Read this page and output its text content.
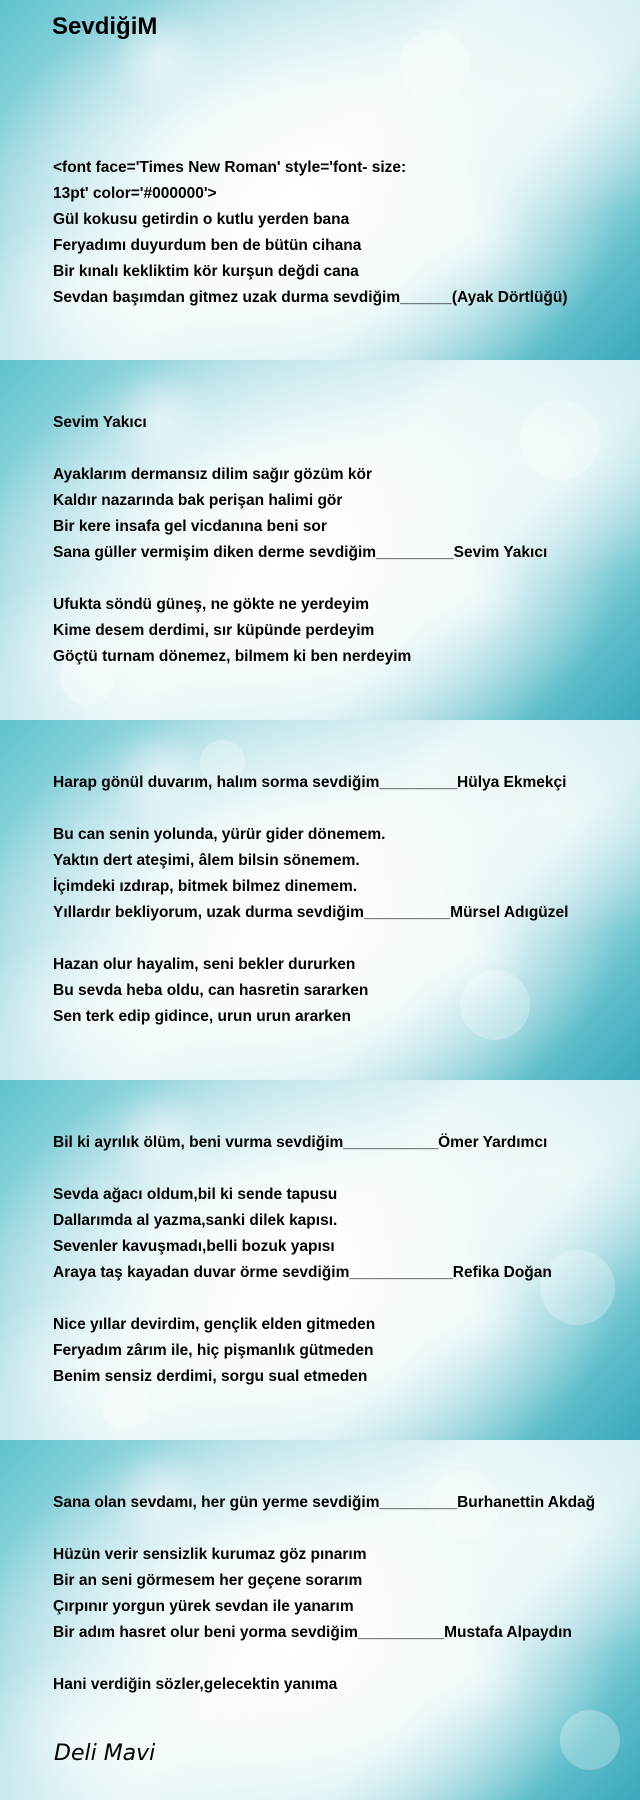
SevdiğiM
<font face='Times New Roman' style='font- size:
13pt' color='#000000'>
Gül kokusu getirdin o kutlu yerden bana
Feryadımı duyurdum ben de bütün cihana
Bir kınalı kekliktim kör kurşun değdi cana
Sevdan başımdan gitmez uzak durma sevdiğim______(Ayak Dörtlüğü)
Sevim Yakıcı
Ayaklarım dermansız dilim sağır gözüm kör
Kaldır nazarında bak perişan halimi gör
Bir kere insafa gel vicdanına beni sor
Sana güller vermişim diken derme sevdiğim_________Sevim Yakıcı
Ufukta söndü güneş, ne gökte ne yerdeyim
Kime desem derdimi, sır küpünde perdeyim
Göçtü turnam dönemez, bilmem ki ben nerdeyim
Harap gönül duvarım, halım sorma sevdiğim_________Hülya Ekmekçi
Bu can senin yolunda, yürür gider dönemem.
Yaktın dert ateşimi, âlem bilsin sönemem.
İçimdeki ızdırap, bitmek bilmez dinemem.
Yıllardır bekliyorum, uzak durma sevdiğim__________Mürsel Adıgüzel
Hazan olur hayalim, seni bekler dururken
Bu sevda heba oldu, can hasretin sararken
Sen terk edip gidince, urun urun ararken
Bil ki ayrılık ölüm, beni vurma sevdiğim___________Ömer Yardımcı
Sevda ağacı oldum,bil ki sende tapusu
Dallarımda al yazma,sanki dilek kapısı.
Sevenler kavuşmadı,belli bozuk yapısı
Araya taş kayadan duvar örme sevdiğim____________Refika Doğan
Nice yıllar devirdim, gençlik elden gitmeden
Feryadım zârım ile, hiç pişmanlık gütmeden
Benim sensiz derdimi, sorgu sual etmeden
Sana olan sevdamı, her gün yerme sevdiğim_________Burhanettin Akdağ
Hüzün verir sensizlik kurumaz göz pınarım
Bir an seni görmesem her geçene sorarım
Çırpınır yorgun yürek sevdan ile yanarım
Bir adım hasret olur beni yorma sevdiğim__________Mustafa Alpaydın
Hani verdiğin sözler,gelecektin yanıma
Deli Mavi
